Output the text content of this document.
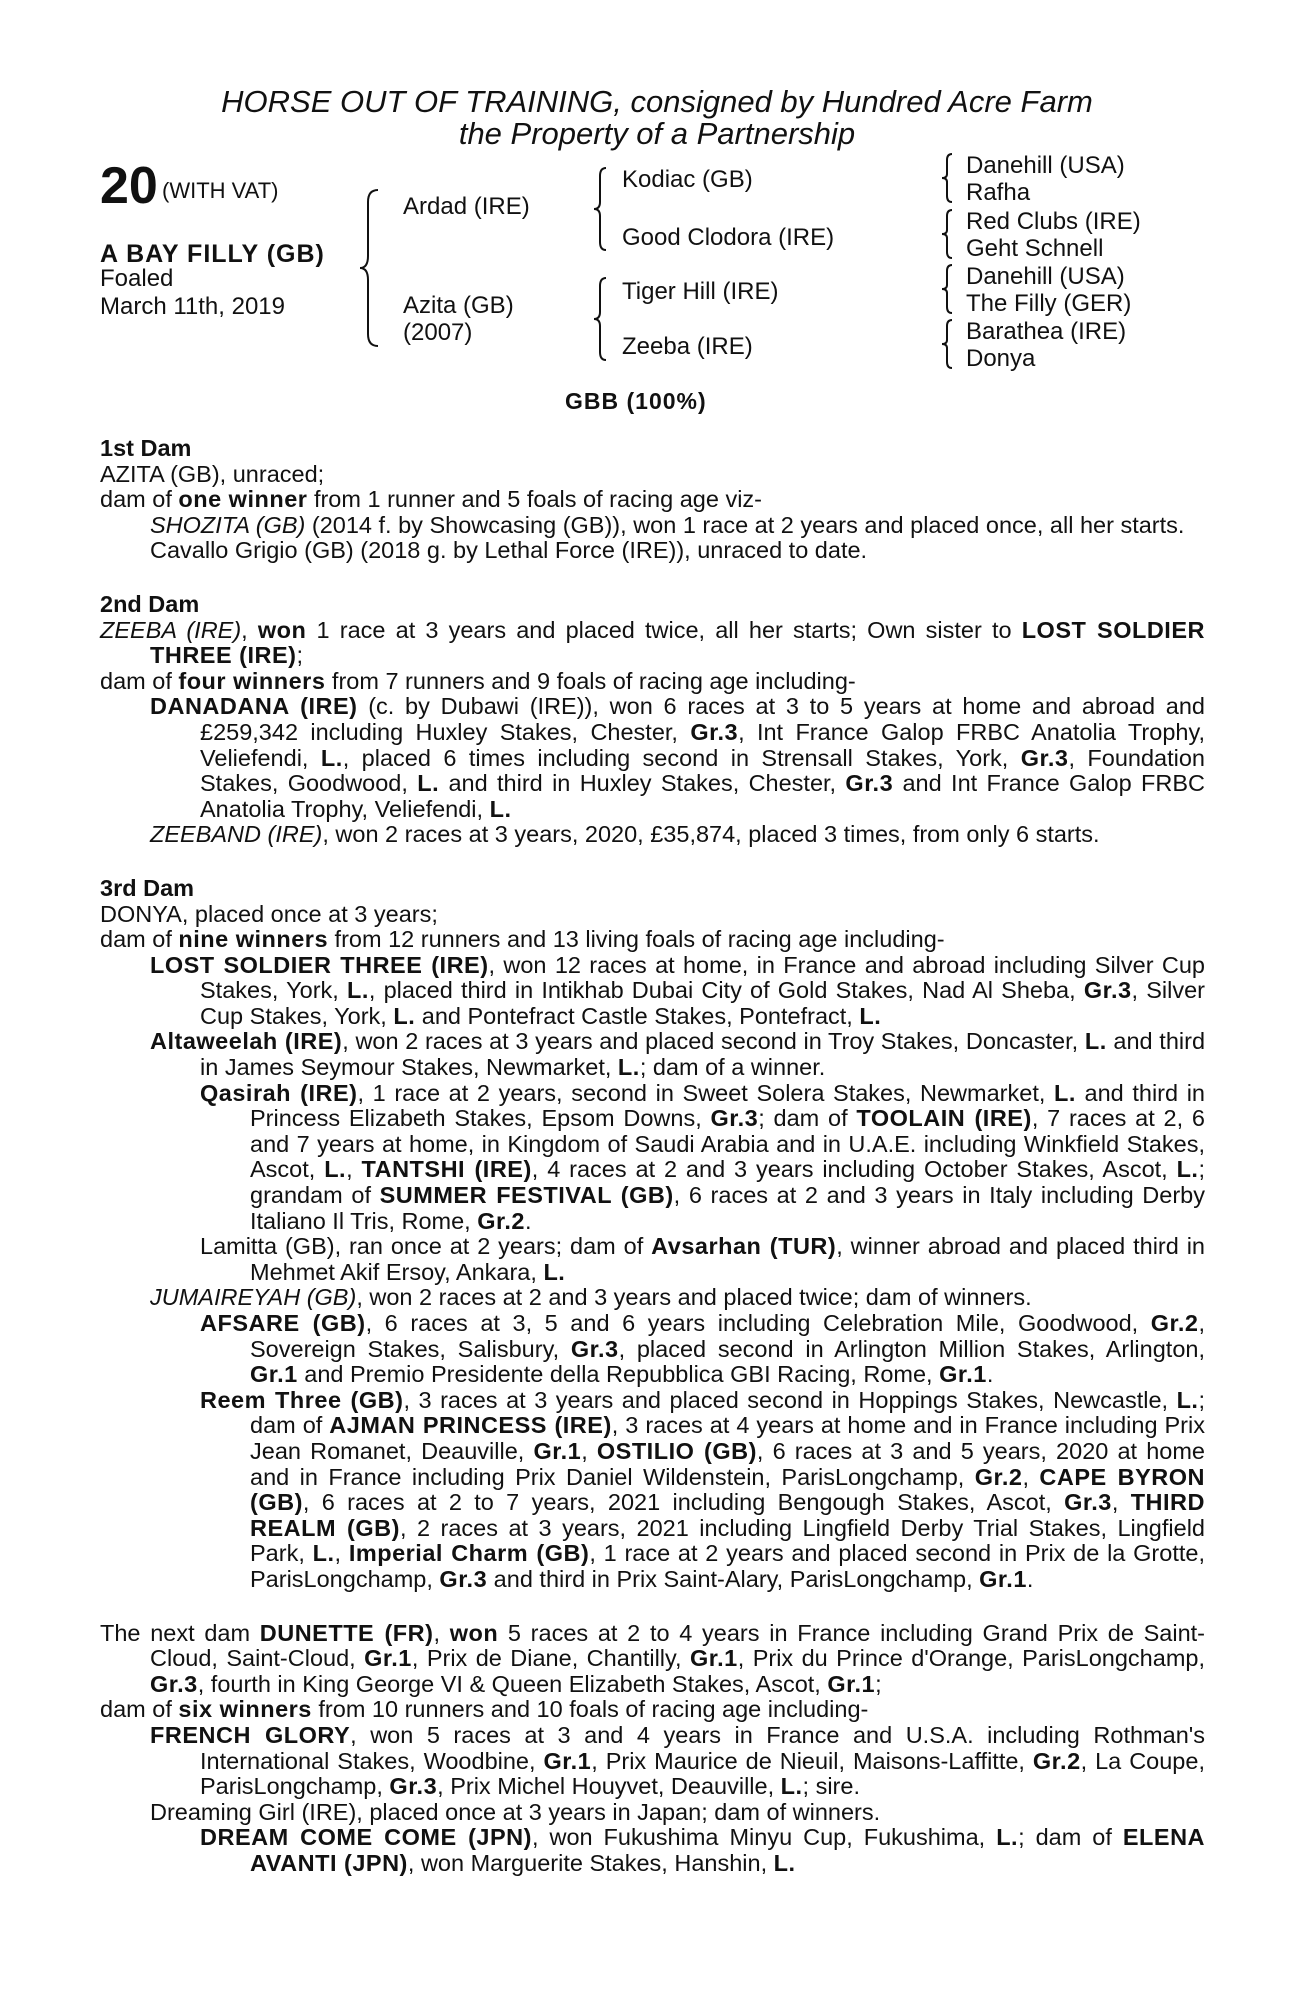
HORSE OUT OF TRAINING, consigned by Hundred Acre Farm
the Property of a Partnership
20 (WITH VAT)
A BAY FILLY (GB)
Foaled
March 11th, 2019
Ardad (IRE)
Azita (GB)
(2007)
Kodiac (GB)
Good Clodora (IRE)
Tiger Hill (IRE)
Zeeba (IRE)
Danehill (USA)
Rafha
Red Clubs (IRE)
Geht Schnell
Danehill (USA)
The Filly (GER)
Barathea (IRE)
Donya
GBB (100%)

1st Dam

AZITA (GB), unraced;

dam of one winner from 1 runner and 5 foals of racing age viz-

SHOZITA (GB) (2014 f. by Showcasing (GB)), won 1 race at 2 years and placed once, all her starts.

Cavallo Grigio (GB) (2018 g. by Lethal Force (IRE)), unraced to date.

2nd Dam

ZEEBA (IRE), won 1 race at 3 years and placed twice, all her starts; Own sister to LOST SOLDIER THREE (IRE);

dam of four winners from 7 runners and 9 foals of racing age including-

DANADANA (IRE) (c. by Dubawi (IRE)), won 6 races at 3 to 5 years at home and abroad and £259,342 including Huxley Stakes, Chester, Gr.3, Int France Galop FRBC Anatolia Trophy, Veliefendi, L., placed 6 times including second in Strensall Stakes, York, Gr.3, Foundation Stakes, Goodwood, L. and third in Huxley Stakes, Chester, Gr.3 and Int France Galop FRBC Anatolia Trophy, Veliefendi, L.

ZEEBAND (IRE), won 2 races at 3 years, 2020, £35,874, placed 3 times, from only 6 starts.

3rd Dam

DONYA, placed once at 3 years;

dam of nine winners from 12 runners and 13 living foals of racing age including-

LOST SOLDIER THREE (IRE), won 12 races at home, in France and abroad including Silver Cup Stakes, York, L., placed third in Intikhab Dubai City of Gold Stakes, Nad Al Sheba, Gr.3, Silver Cup Stakes, York, L. and Pontefract Castle Stakes, Pontefract, L.

Altaweelah (IRE), won 2 races at 3 years and placed second in Troy Stakes, Doncaster, L. and third in James Seymour Stakes, Newmarket, L.; dam of a winner.

Qasirah (IRE), 1 race at 2 years, second in Sweet Solera Stakes, Newmarket, L. and third in Princess Elizabeth Stakes, Epsom Downs, Gr.3; dam of TOOLAIN (IRE), 7 races at 2, 6 and 7 years at home, in Kingdom of Saudi Arabia and in U.A.E. including Winkfield Stakes, Ascot, L., TANTSHI (IRE), 4 races at 2 and 3 years including October Stakes, Ascot, L.; grandam of SUMMER FESTIVAL (GB), 6 races at 2 and 3 years in Italy including Derby Italiano Il Tris, Rome, Gr.2.

Lamitta (GB), ran once at 2 years; dam of Avsarhan (TUR), winner abroad and placed third in Mehmet Akif Ersoy, Ankara, L.

JUMAIREYAH (GB), won 2 races at 2 and 3 years and placed twice; dam of winners.

AFSARE (GB), 6 races at 3, 5 and 6 years including Celebration Mile, Goodwood, Gr.2, Sovereign Stakes, Salisbury, Gr.3, placed second in Arlington Million Stakes, Arlington, Gr.1 and Premio Presidente della Repubblica GBI Racing, Rome, Gr.1.

Reem Three (GB), 3 races at 3 years and placed second in Hoppings Stakes, Newcastle, L.; dam of AJMAN PRINCESS (IRE), 3 races at 4 years at home and in France including Prix Jean Romanet, Deauville, Gr.1, OSTILIO (GB), 6 races at 3 and 5 years, 2020 at home and in France including Prix Daniel Wildenstein, ParisLongchamp, Gr.2, CAPE BYRON (GB), 6 races at 2 to 7 years, 2021 including Bengough Stakes, Ascot, Gr.3, THIRD REALM (GB), 2 races at 3 years, 2021 including Lingfield Derby Trial Stakes, Lingfield Park, L., Imperial Charm (GB), 1 race at 2 years and placed second in Prix de la Grotte, ParisLongchamp, Gr.3 and third in Prix Saint-Alary, ParisLongchamp, Gr.1.

The next dam DUNETTE (FR), won 5 races at 2 to 4 years in France including Grand Prix de Saint-Cloud, Saint-Cloud, Gr.1, Prix de Diane, Chantilly, Gr.1, Prix du Prince d'Orange, ParisLongchamp, Gr.3, fourth in King George VI & Queen Elizabeth Stakes, Ascot, Gr.1;

dam of six winners from 10 runners and 10 foals of racing age including-

FRENCH GLORY, won 5 races at 3 and 4 years in France and U.S.A. including Rothman's International Stakes, Woodbine, Gr.1, Prix Maurice de Nieuil, Maisons-Laffitte, Gr.2, La Coupe, ParisLongchamp, Gr.3, Prix Michel Houyvet, Deauville, L.; sire.

Dreaming Girl (IRE), placed once at 3 years in Japan; dam of winners.

DREAM COME COME (JPN), won Fukushima Minyu Cup, Fukushima, L.; dam of ELENA AVANTI (JPN), won Marguerite Stakes, Hanshin, L.
